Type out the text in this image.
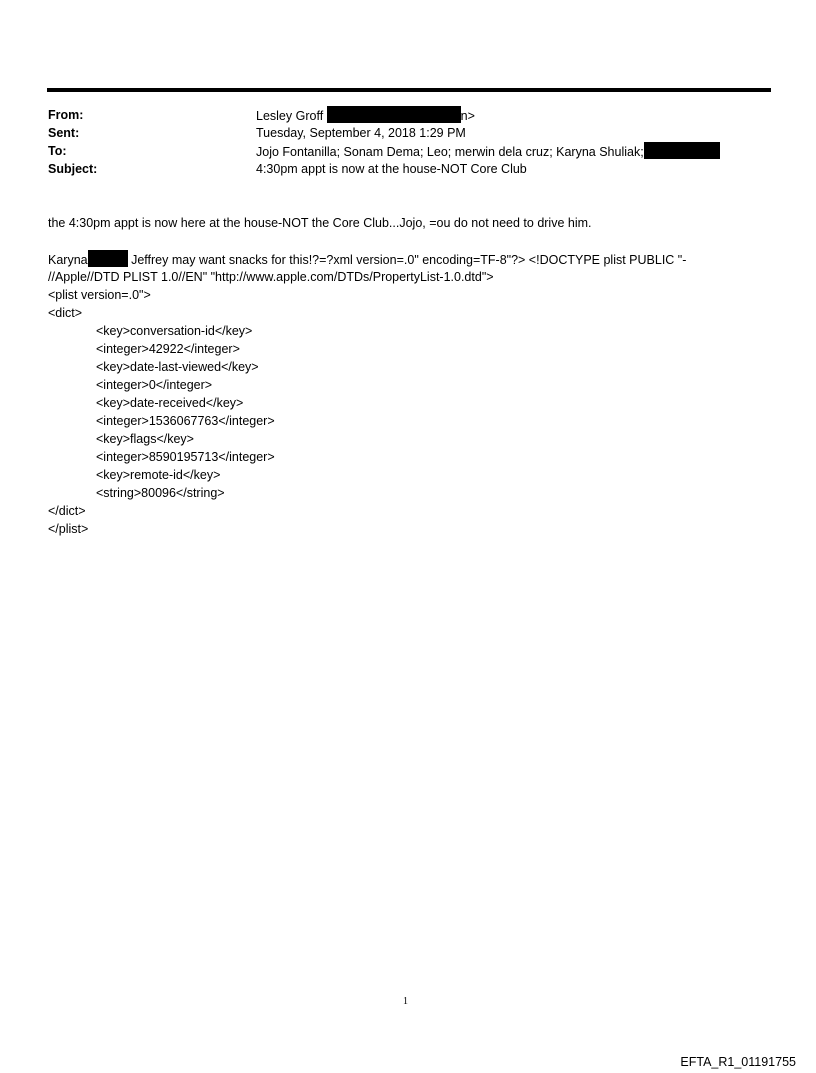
From:	Lesley Groff	n>
Sent:	Tuesday, September 4, 2018 1:29 PM
To:	Jojo Fontanilla; Sonam Dema; Leo; merwin dela cruz; Karyna Shuliak;
Subject:	4:30pm appt is now at the house-NOT Core Club
the 4:30pm appt is now here at the house-NOT the Core Club...Jojo, =ou do not need to drive him.
Karyna	Jeffrey may want snacks for this!?=?xml version=.0" encoding=TF-8"?> <!DOCTYPE plist PUBLIC "-
//Apple//DTD PLIST 1.0//EN" "http://www.apple.com/DTDs/PropertyList-1.0.dtd">
<plist version=.0">
<dict>
<key>conversation-id</key>
<integer>42922</integer>
<key>date-last-viewed</key>
<integer>0</integer>
<key>date-received</key>
<integer>1536067763</integer>
<key>flags</key>
<integer>8590195713</integer>
<key>remote-id</key>
<string>80096</string>
</dict>
</plist>
1
EFTA_R1_01191755
